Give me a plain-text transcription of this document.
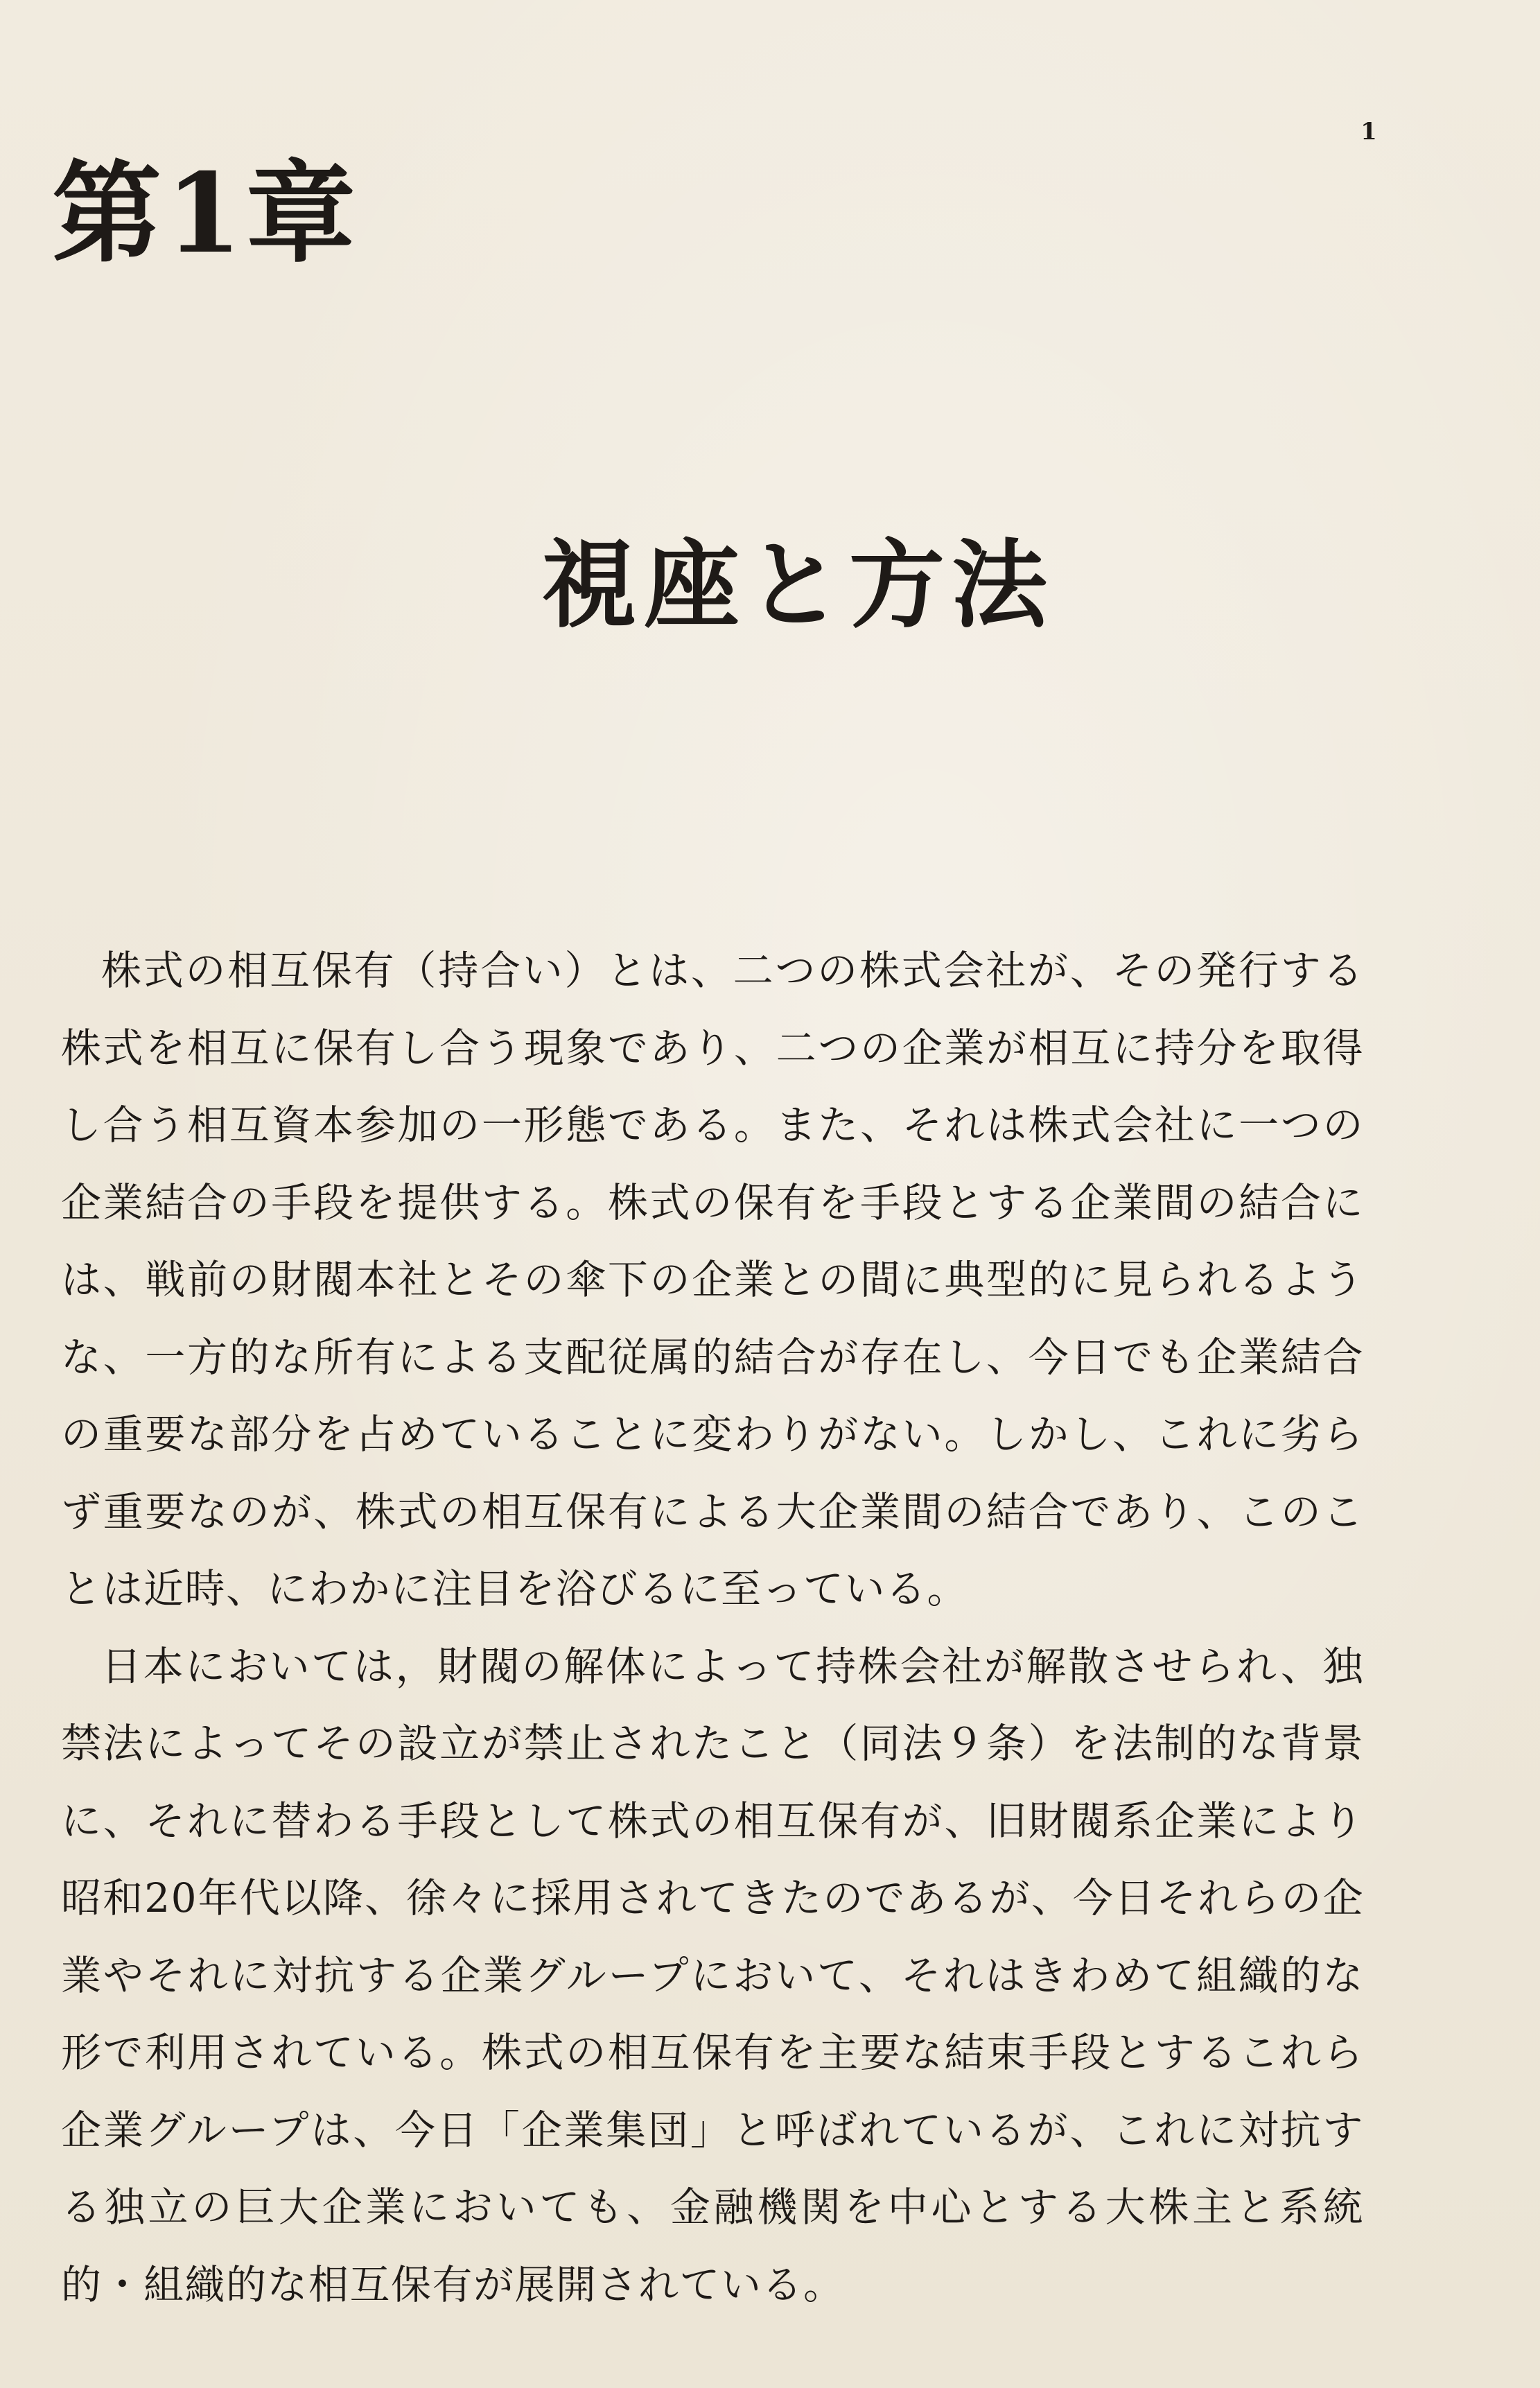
1
第1章
視座と方法

株式の相互保有（持合い）とは、二つの株式会社が、その発行する株式を相互に保有し合う現象であり、二つの企業が相互に持分を取得し合う相互資本参加の一形態である。また、それは株式会社に一つの企業結合の手段を提供する。株式の保有を手段とする企業間の結合には、戦前の財閥本社とその傘下の企業との間に典型的に見られるような、一方的な所有による支配従属的結合が存在し、今日でも企業結合の重要な部分を占めていることに変わりがない。しかし、これに劣らず重要なのが、株式の相互保有による大企業間の結合であり、このことは近時、にわかに注目を浴びるに至っている。

日本においては，財閥の解体によって持株会社が解散させられ、独禁法によってその設立が禁止されたこと（同法９条）を法制的な背景に、それに替わる手段として株式の相互保有が、旧財閥系企業により昭和20年代以降、徐々に採用されてきたのであるが、今日それらの企業やそれに対抗する企業グループにおいて、それはきわめて組織的な形で利用されている。株式の相互保有を主要な結束手段とするこれら企業グループは、今日「企業集団」と呼ばれているが、これに対抗する独立の巨大企業においても、金融機関を中心とする大株主と系統的・組織的な相互保有が展開されている。
